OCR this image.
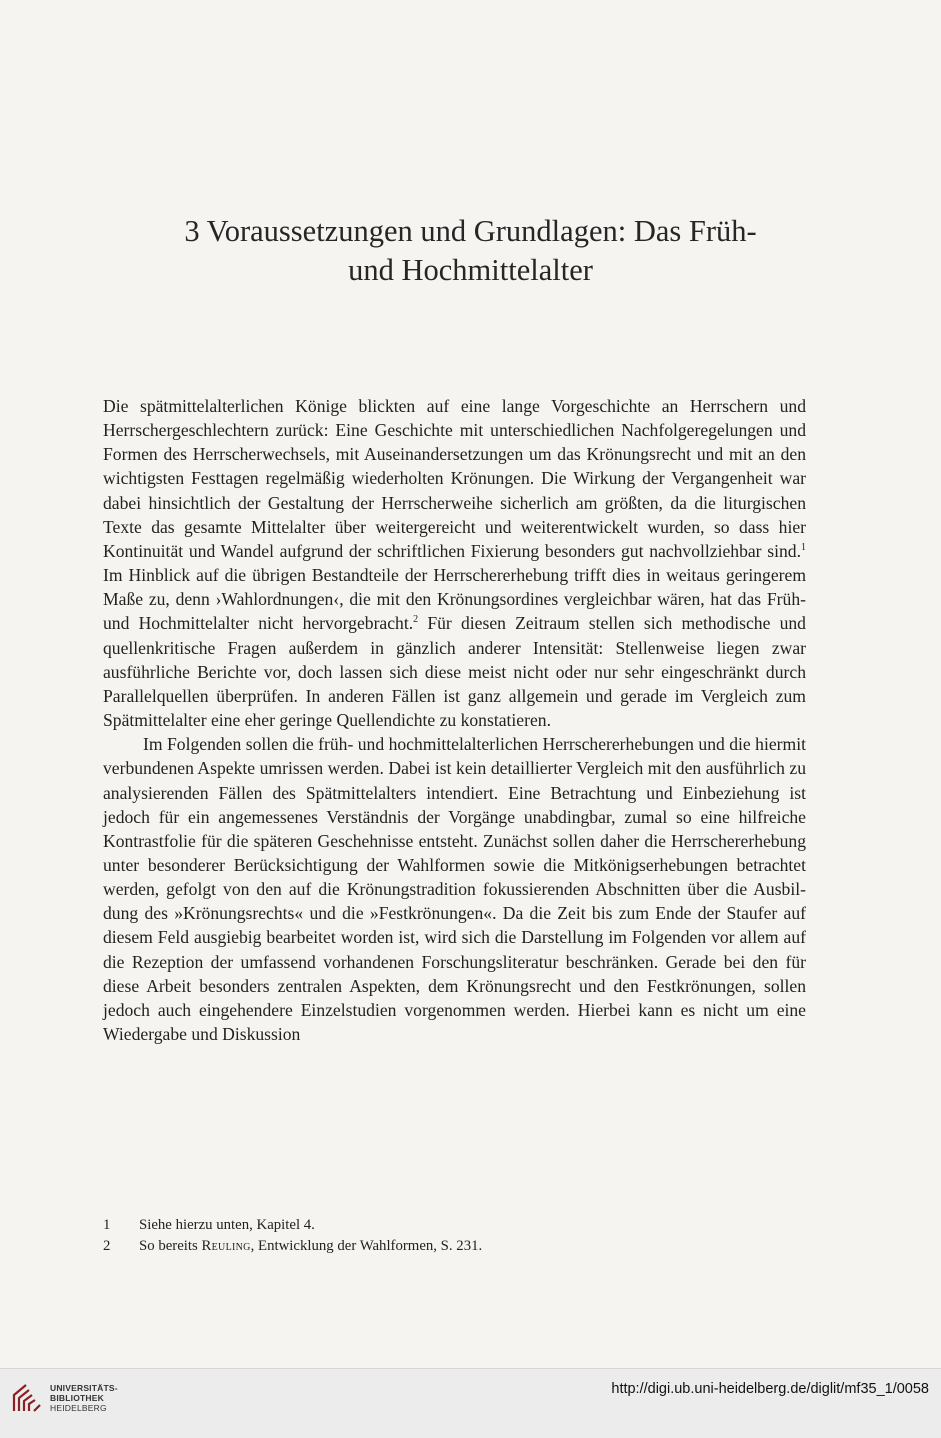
3 Voraussetzungen und Grundlagen: Das Früh-
und Hochmittelalter

Die spätmittelalterlichen Könige blickten auf eine lange Vorgeschichte an Herrschern und Herrschergeschlechtern zurück: Eine Geschichte mit unterschiedlichen Nachfolgeregelungen und Formen des Herrscherwechsels, mit Auseinandersetzungen um das Krönungsrecht und mit an den wichtigsten Festtagen regelmäßig wiederholten Krönungen. Die Wirkung der Vergangenheit war dabei hinsichtlich der Gestaltung der Herrscherweihe sicherlich am größten, da die liturgischen Texte das gesamte Mittelalter über weitergereicht und weiterentwickelt wurden, so dass hier Kontinuität und Wandel aufgrund der schriftlichen Fixierung besonders gut nachvollziehbar sind.$^1$ Im Hinblick auf die übrigen Bestandteile der Herrschererhebung trifft dies in weitaus geringerem Maße zu, denn ›Wahlordnungen‹, die mit den Krönungsordines vergleichbar wären, hat das Früh- und Hochmittelalter nicht hervorgebracht.$^2$ Für diesen Zeitraum stellen sich methodische und quellenkritische Fragen außerdem in gänzlich anderer Intensität: Stellenweise liegen zwar ausführliche Berichte vor, doch lassen sich diese meist nicht oder nur sehr eingeschränkt durch Parallelquellen überprüfen. In anderen Fällen ist ganz allgemein und gerade im Vergleich zum Spätmittelalter eine eher geringe Quellendichte zu konstatieren.

Im Folgenden sollen die früh- und hochmittelalterlichen Herrschererhebungen und die hiermit verbundenen Aspekte umrissen werden. Dabei ist kein detaillierter Vergleich mit den ausführlich zu analysierenden Fällen des Spätmittelalters intendiert. Eine Betrachtung und Einbeziehung ist jedoch für ein angemessenes Verständnis der Vorgänge unabdingbar, zumal so eine hilfreiche Kontrastfolie für die späteren Geschehnisse entsteht. Zunächst sollen daher die Herrschererhebung unter besonderer Berücksichtigung der Wahlformen sowie die Mitkönigserhebungen betrachtet werden, gefolgt von den auf die Krönungstradition fokussierenden Abschnitten über die Ausbildung des »Krönungsrechts« und die »Festkrönungen«. Da die Zeit bis zum Ende der Staufer auf diesem Feld ausgiebig bearbeitet worden ist, wird sich die Darstellung im Folgenden vor allem auf die Rezeption der umfassend vorhandenen Forschungsliteratur beschränken. Gerade bei den für diese Arbeit besonders zentralen Aspekten, dem Krönungsrecht und den Festkrönungen, sollen jedoch auch eingehendere Einzelstudien vorgenommen werden. Hierbei kann es nicht um eine Wiedergabe und Diskussion

1	Siehe hierzu unten, Kapitel 4.
2	So bereits Reuling, Entwicklung der Wahlformen, S. 231.
UNIVERSITÄTS-
BIBLIOTHEK
HEIDELBERG
http://digi.ub.uni-heidelberg.de/diglit/mf35_1/0058
